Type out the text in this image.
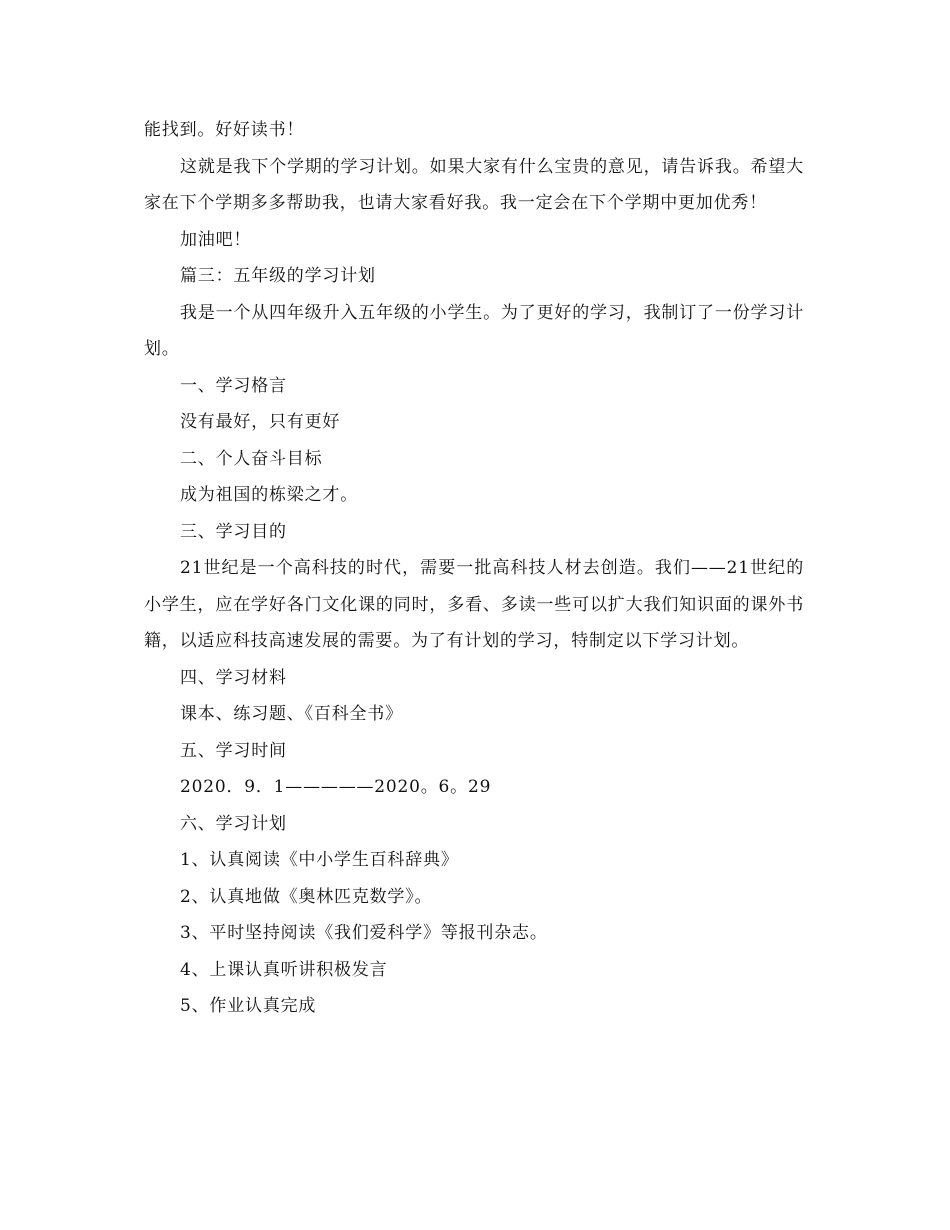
能找到。好好读书！

这就是我下个学期的学习计划。如果大家有什么宝贵的意见，请告诉我。希望大家在下个学期多多帮助我，也请大家看好我。我一定会在下个学期中更加优秀！

加油吧！

篇三：五年级的学习计划

我是一个从四年级升入五年级的小学生。为了更好的学习，我制订了一份学习计划。

一、学习格言

没有最好，只有更好

二、个人奋斗目标

成为祖国的栋梁之才。

三、学习目的

21世纪是一个高科技的时代，需要一批高科技人材去创造。我们——21世纪的小学生，应在学好各门文化课的同时，多看、多读一些可以扩大我们知识面的课外书籍，以适应科技高速发展的需要。为了有计划的学习，特制定以下学习计划。

四、学习材料

课本、练习题、《百科全书》

五、学习时间

2020．9．1—————2020。6。29

六、学习计划

1、认真阅读《中小学生百科辞典》

2、认真地做《奥林匹克数学》。

3、平时坚持阅读《我们爱科学》等报刊杂志。

4、上课认真听讲积极发言

5、作业认真完成
